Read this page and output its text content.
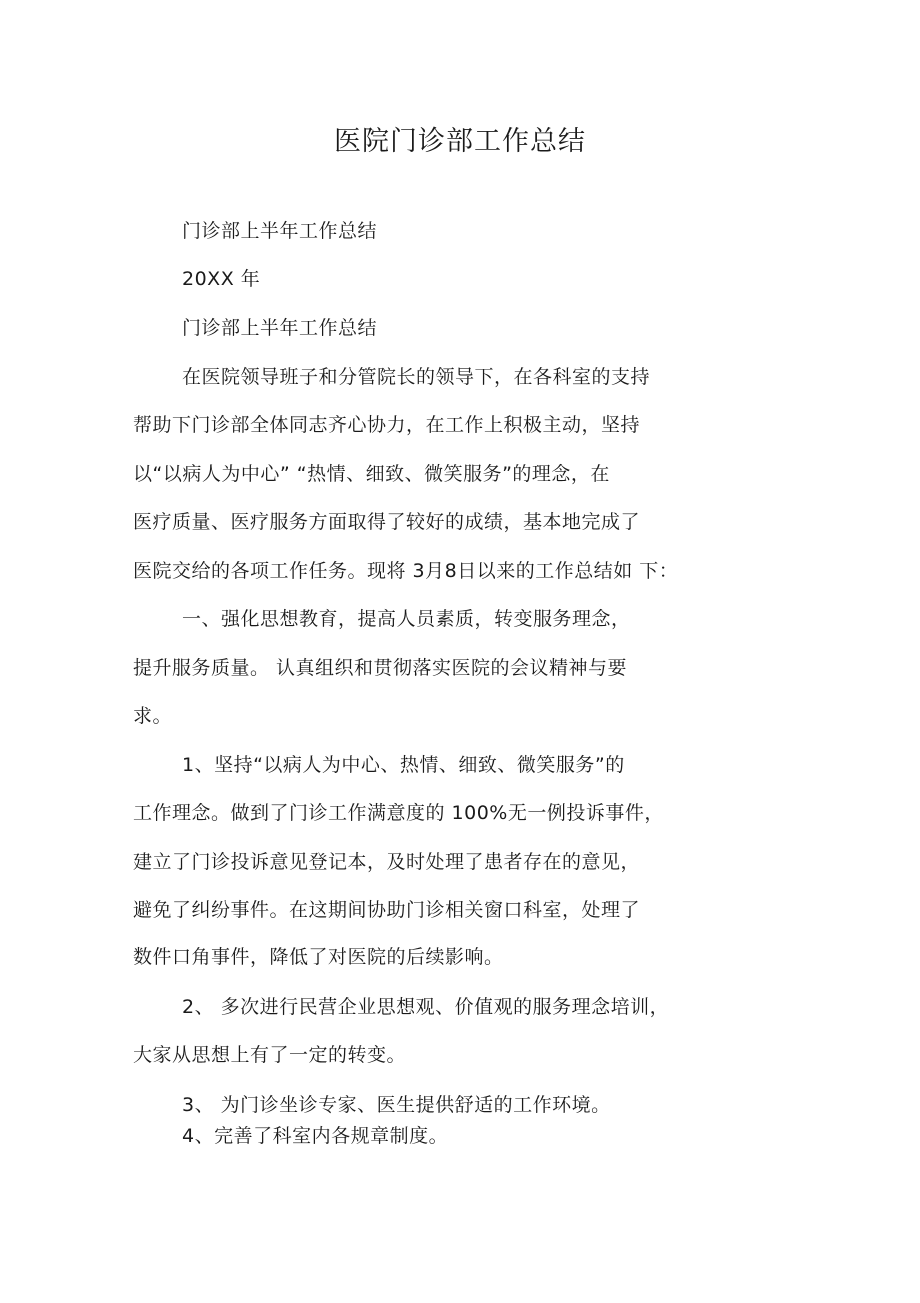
医院门诊部工作总结
门诊部上半年工作总结
20XX 年
门诊部上半年工作总结
在医院领导班子和分管院长的领导下，在各科室的支持
帮助下门诊部全体同志齐心协力，在工作上积极主动，坚持
以“以病人为中心” “热情、细致、微笑服务”的理念，在
医疗质量、医疗服务方面取得了较好的成绩，基本地完成了
医院交给的各项工作任务。现将 3月8日以来的工作总结如 下：
一、强化思想教育，提高人员素质，转变服务理念，
提升服务质量。 认真组织和贯彻落实医院的会议精神与要
求。
1、坚持“以病人为中心、热情、细致、微笑服务”的
工作理念。做到了门诊工作满意度的 100%无一例投诉事件，
建立了门诊投诉意见登记本，及时处理了患者存在的意见，
避免了纠纷事件。在这期间协助门诊相关窗口科室，处理了
数件口角事件，降低了对医院的后续影响。
2、 多次进行民营企业思想观、价值观的服务理念培训，
大家从思想上有了一定的转变。
3、 为门诊坐诊专家、医生提供舒适的工作环境。
4、完善了科室内各规章制度。
